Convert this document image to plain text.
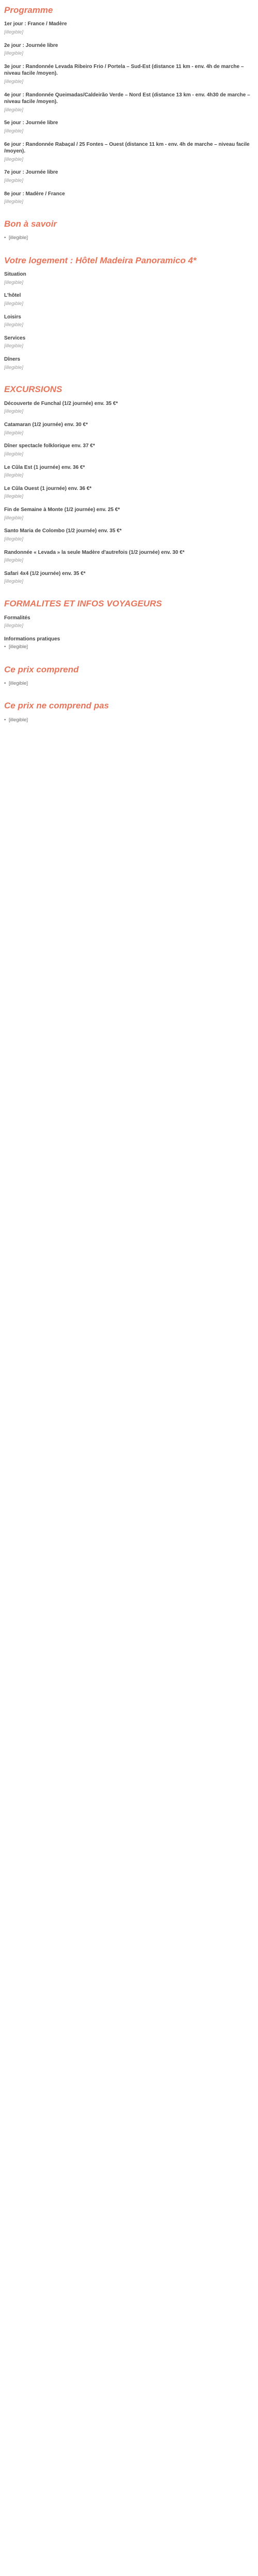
Programme

1er jour : France / Madère

[illegible]

2e jour : Journée libre

[illegible]

3e jour : Randonnée Levada Ribeiro Frio / Portela – Sud-Est (distance 11 km - env. 4h de marche – niveau facile /moyen).

[illegible]

4e jour : Randonnée Queimadas/Caldeirão Verde – Nord Est (distance 13 km - env. 4h30 de marche – niveau facile /moyen).

[illegible]

5e jour : Journée libre

[illegible]

6e jour : Randonnée Rabaçal / 25 Fontes – Ouest (distance 11 km - env. 4h de marche – niveau facile /moyen).

[illegible]

7e jour : Journée libre

[illegible]

8e jour : Madère / France

[illegible]

Bon à savoir
• [illegible]
Votre logement : Hôtel Madeira Panoramico 4*

Situation

[illegible]

L'hôtel

[illegible]

Loisirs

[illegible]

Services

[illegible]

Dîners

[illegible]

EXCURSIONS

Découverte de Funchal (1/2 journée) env. 35 €*

[illegible]

Catamaran (1/2 journée) env. 30 €*

[illegible]

Dîner spectacle folklorique env. 37 €*

[illegible]

Le Cûla Est (1 journée) env. 36 €*

[illegible]

Le Cûla Ouest (1 journée) env. 36 €*

[illegible]

Fin de Semaine à Monte (1/2 journée) env. 25 €*

[illegible]

Santo Maria de Colombo (1/2 journée) env. 35 €*

[illegible]

Randonnée « Levada » la seule Madère d'autrefois (1/2 journée) env. 30 €*

[illegible]

Safari 4x4 (1/2 journée) env. 35 €*

[illegible]

FORMALITES ET INFOS VOYAGEURS

Formalités

[illegible]

Informations pratiques

• [illegible]
Ce prix comprend
• [illegible]
Ce prix ne comprend pas
• [illegible]
